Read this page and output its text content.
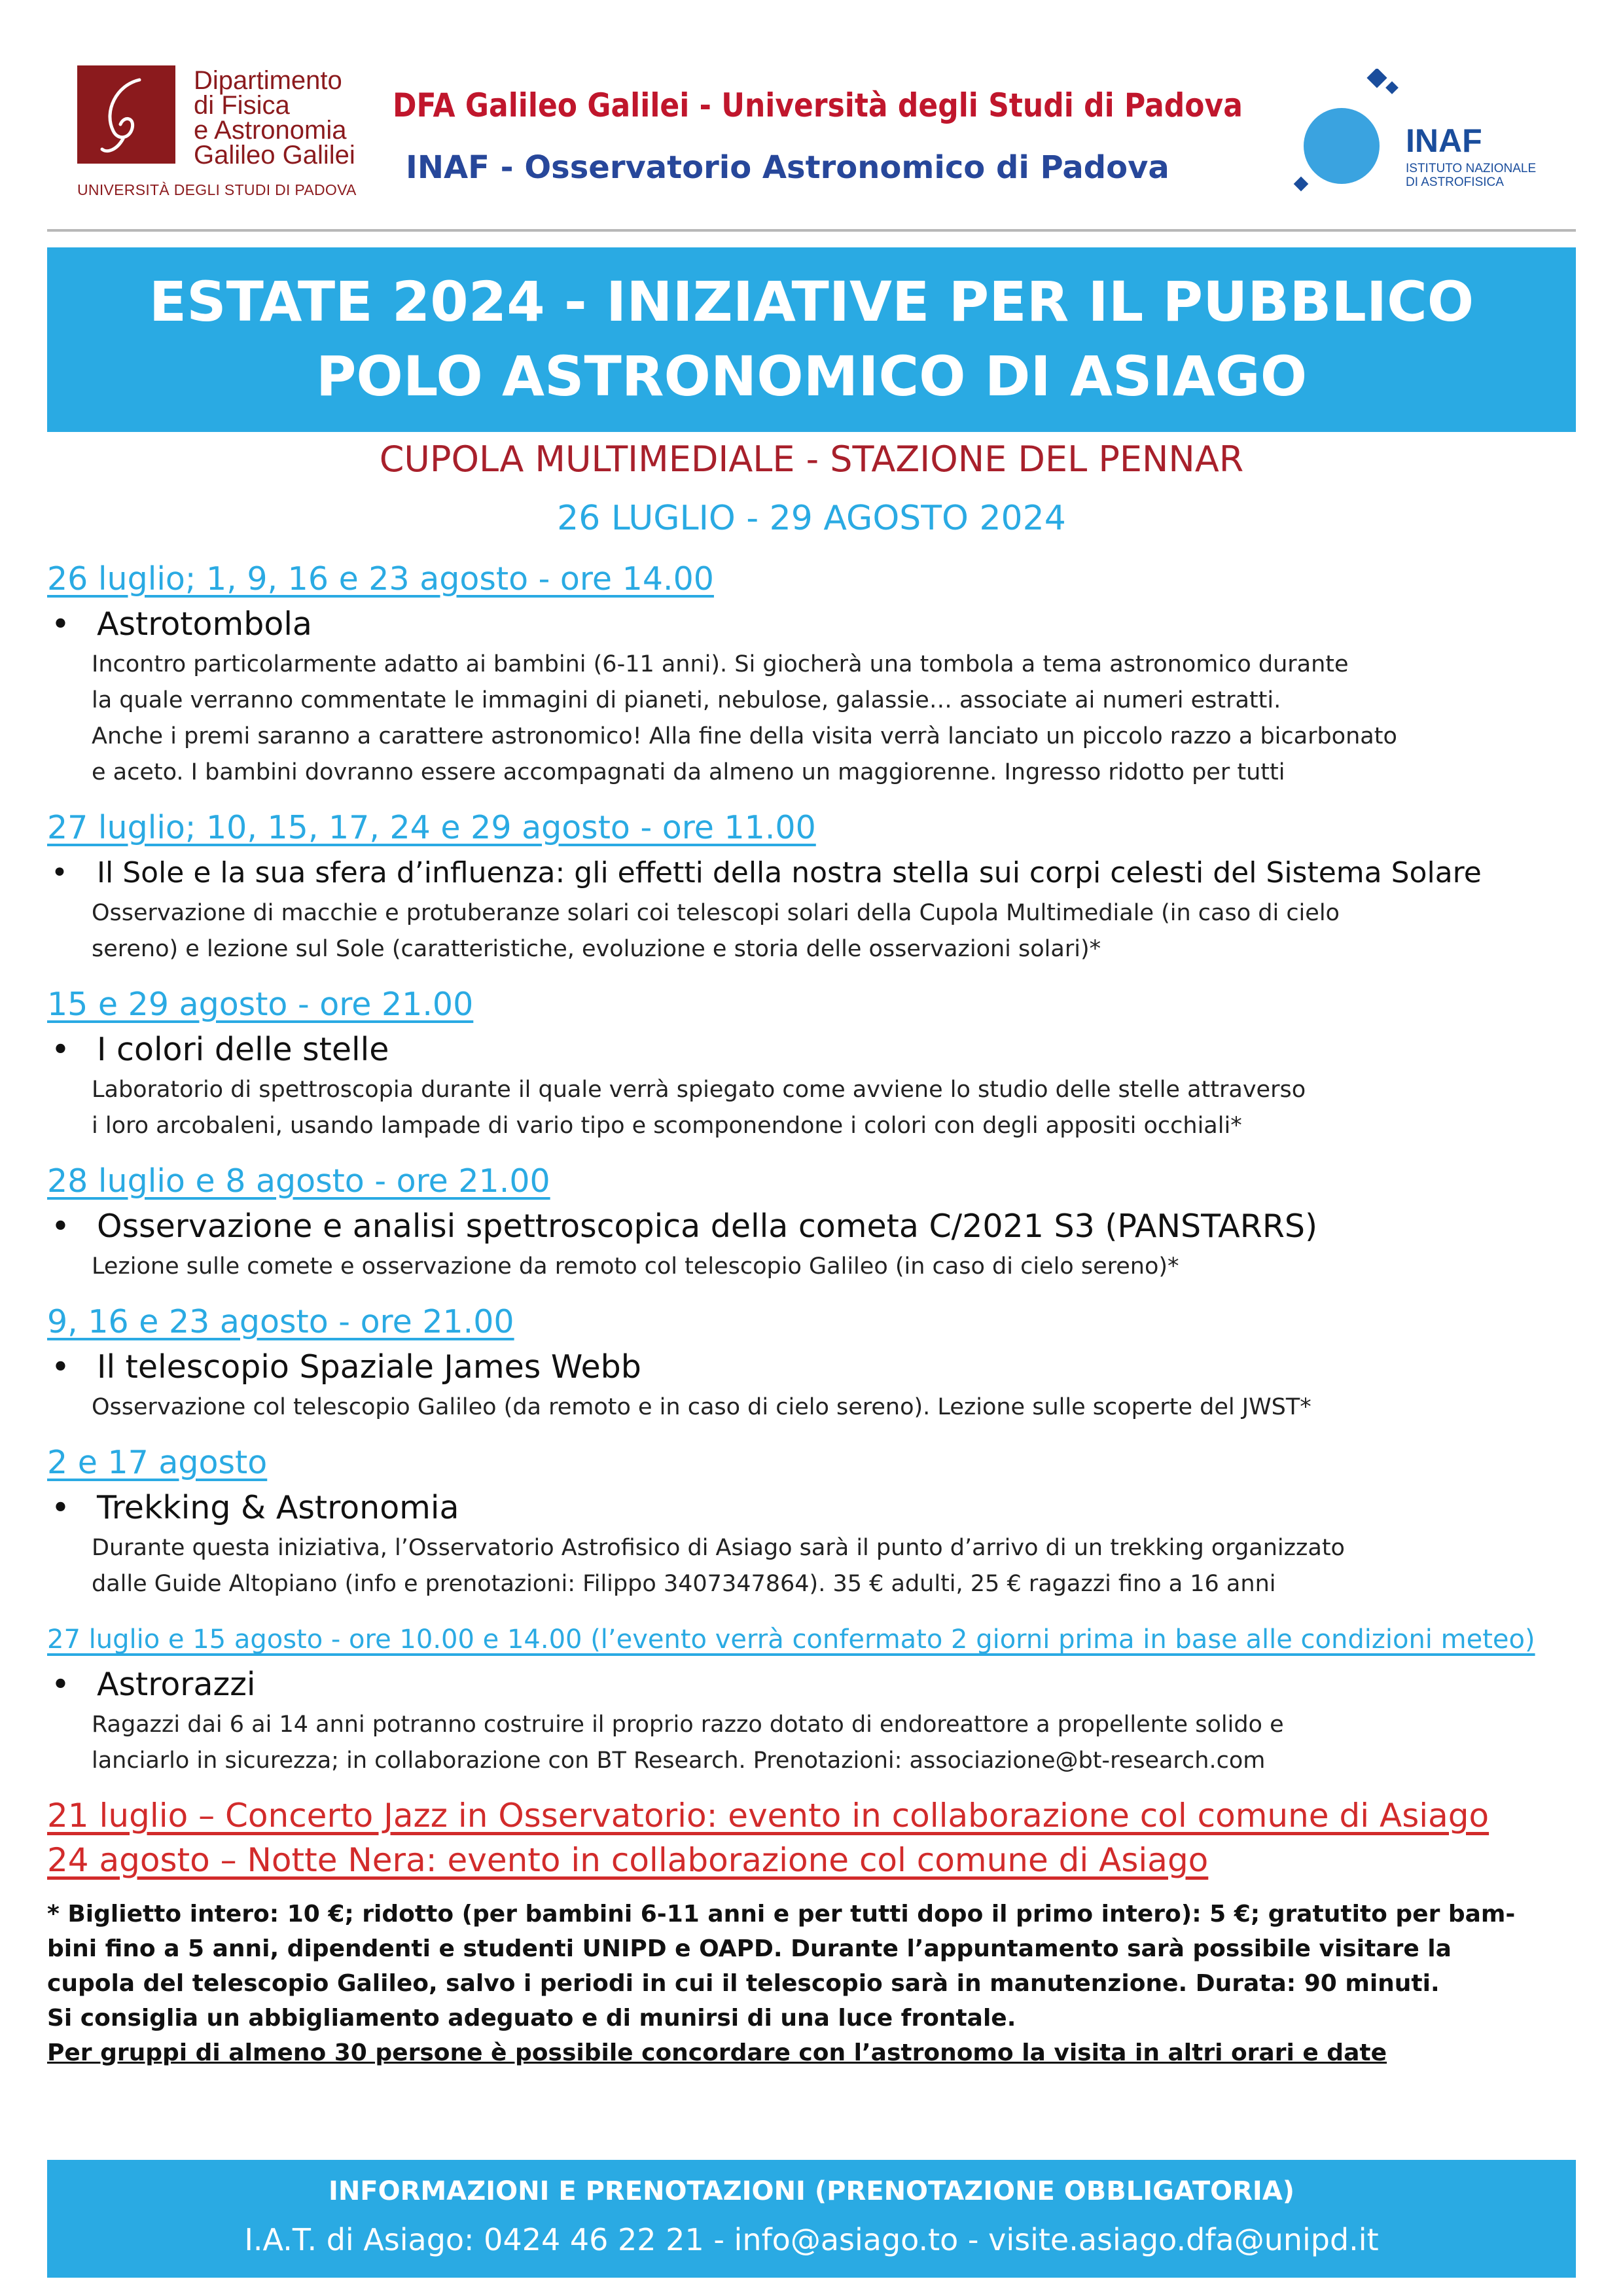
Dipartimento
di Fisica
e Astronomia
Galileo Galilei
UNIVERSITÀ DEGLI STUDI DI PADOVA
DFA Galileo Galilei - Università degli Studi di Padova
INAF - Osservatorio Astronomico di Padova
INAF
ISTITUTO NAZIONALE
DI ASTROFISICA
ESTATE 2024 - INIZIATIVE PER IL PUBBLICO
POLO ASTRONOMICO DI ASIAGO
CUPOLA MULTIMEDIALE - STAZIONE DEL PENNAR
26 LUGLIO - 29 AGOSTO 2024
26 luglio; 1, 9, 16 e 23 agosto - ore 14.00
• Astrotombola
Incontro particolarmente adatto ai bambini (6-11 anni). Si giocherà una tombola a tema astronomico durante
la quale verranno commentate le immagini di pianeti, nebulose, galassie… associate ai numeri estratti.
Anche i premi saranno a carattere astronomico! Alla fine della visita verrà lanciato un piccolo razzo a bicarbonato
e aceto. I bambini dovranno essere accompagnati da almeno un maggiorenne. Ingresso ridotto per tutti
27 luglio; 10, 15, 17, 24 e 29 agosto - ore 11.00
• Il Sole e la sua sfera d’influenza: gli effetti della nostra stella sui corpi celesti del Sistema Solare
Osservazione di macchie e protuberanze solari coi telescopi solari della Cupola Multimediale (in caso di cielo
sereno) e lezione sul Sole (caratteristiche, evoluzione e storia delle osservazioni solari)*
15 e 29 agosto - ore 21.00
• I colori delle stelle
Laboratorio di spettroscopia durante il quale verrà spiegato come avviene lo studio delle stelle attraverso
i loro arcobaleni, usando lampade di vario tipo e scomponendone i colori con degli appositi occhiali*
28 luglio e 8 agosto - ore 21.00
• Osservazione e analisi spettroscopica della cometa C/2021 S3 (PANSTARRS)
Lezione sulle comete e osservazione da remoto col telescopio Galileo (in caso di cielo sereno)*
9, 16 e 23 agosto - ore 21.00
• Il telescopio Spaziale James Webb
Osservazione col telescopio Galileo (da remoto e in caso di cielo sereno). Lezione sulle scoperte del JWST*
2 e 17 agosto
• Trekking & Astronomia
Durante questa iniziativa, l’Osservatorio Astrofisico di Asiago sarà il punto d’arrivo di un trekking organizzato
dalle Guide Altopiano (info e prenotazioni: Filippo 3407347864). 35 € adulti, 25 € ragazzi fino a 16 anni
27 luglio e 15 agosto - ore 10.00 e 14.00 (l’evento verrà confermato 2 giorni prima in base alle condizioni meteo)
• Astrorazzi
Ragazzi dai 6 ai 14 anni potranno costruire il proprio razzo dotato di endoreattore a propellente solido e
lanciarlo in sicurezza; in collaborazione con BT Research. Prenotazioni: associazione@bt-research.com
21 luglio – Concerto Jazz in Osservatorio: evento in collaborazione col comune di Asiago
24 agosto – Notte Nera: evento in collaborazione col comune di Asiago
* Biglietto intero: 10 €; ridotto (per bambini 6-11 anni e per tutti dopo il primo intero): 5 €; gratutito per bam-
bini fino a 5 anni, dipendenti e studenti UNIPD e OAPD. Durante l’appuntamento sarà possibile visitare la
cupola del telescopio Galileo, salvo i periodi in cui il telescopio sarà in manutenzione. Durata: 90 minuti.
Si consiglia un abbigliamento adeguato e di munirsi di una luce frontale.
Per gruppi di almeno 30 persone è possibile concordare con l’astronomo la visita in altri orari e date
INFORMAZIONI E PRENOTAZIONI (PRENOTAZIONE OBBLIGATORIA)
I.A.T. di Asiago: 0424 46 22 21 - info@asiago.to - visite.asiago.dfa@unipd.it
